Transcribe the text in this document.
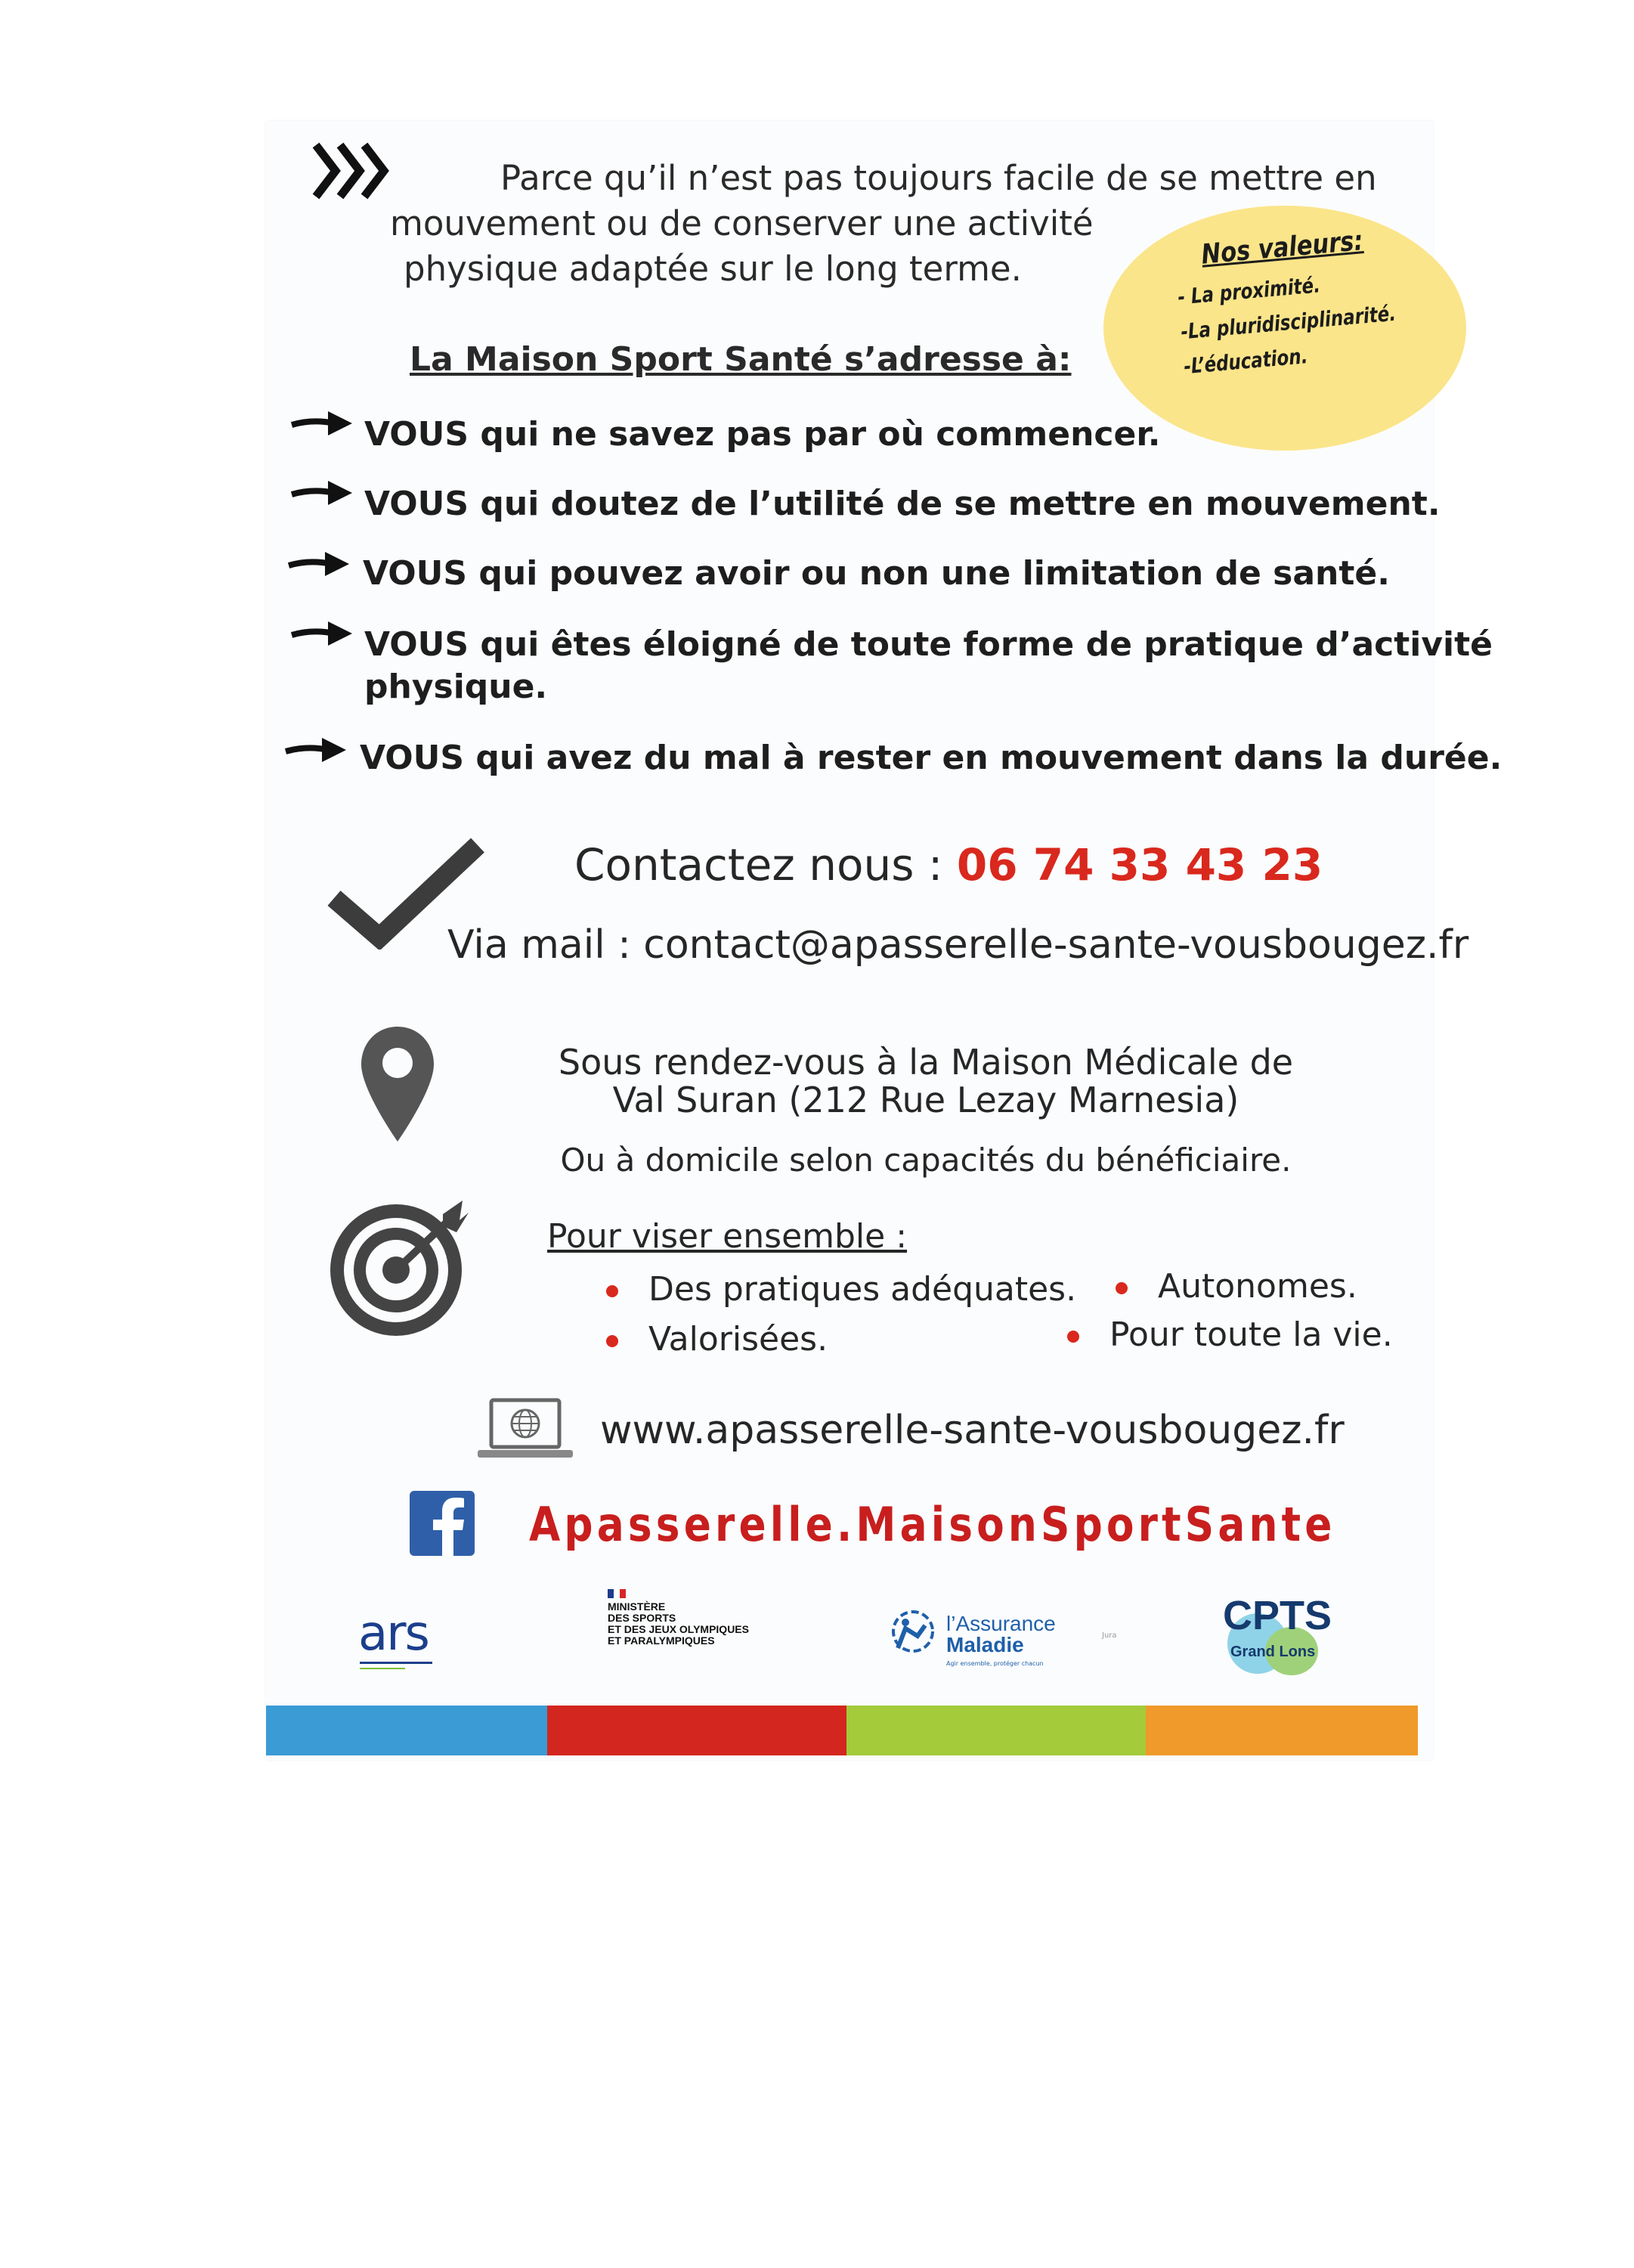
Parce qu’il n’est pas toujours facile de se mettre en
mouvement ou de conserver une activité
physique adaptée sur le long terme.	Nos valeurs:
- La proximité.
-La pluridisciplinarité.
-L’éducation.
La Maison Sport Santé s’adresse à:
VOUS qui ne savez pas par où commencer.
VOUS qui doutez de l’utilité de se mettre en mouvement.
VOUS qui pouvez avoir ou non une limitation de santé.
VOUS qui êtes éloigné de toute forme de pratique d’activité
physique.
VOUS qui avez du mal à rester en mouvement dans la durée.
Contactez nous : 06 74 33 43 23
Via mail : contact@apasserelle-sante-vousbougez.fr
Sous rendez-vous à la Maison Médicale de
Val Suran (212 Rue Lezay Marnesia)
Ou à domicile selon capacités du bénéficiaire.
Pour viser ensemble :
Des pratiques adéquates.	Autonomes.
Valorisées.	Pour toute la vie.
www.apasserelle-sante-vousbougez.fr
Apasserelle.MaisonSportSante
ars	MINISTÈRE
DES SPORTS
ET DES JEUX OLYMPIQUES
ET PARALYMPIQUES
l’Assurance
Maladie
Agir ensemble, protéger chacun
Jura	CPTS
Grand Lons
